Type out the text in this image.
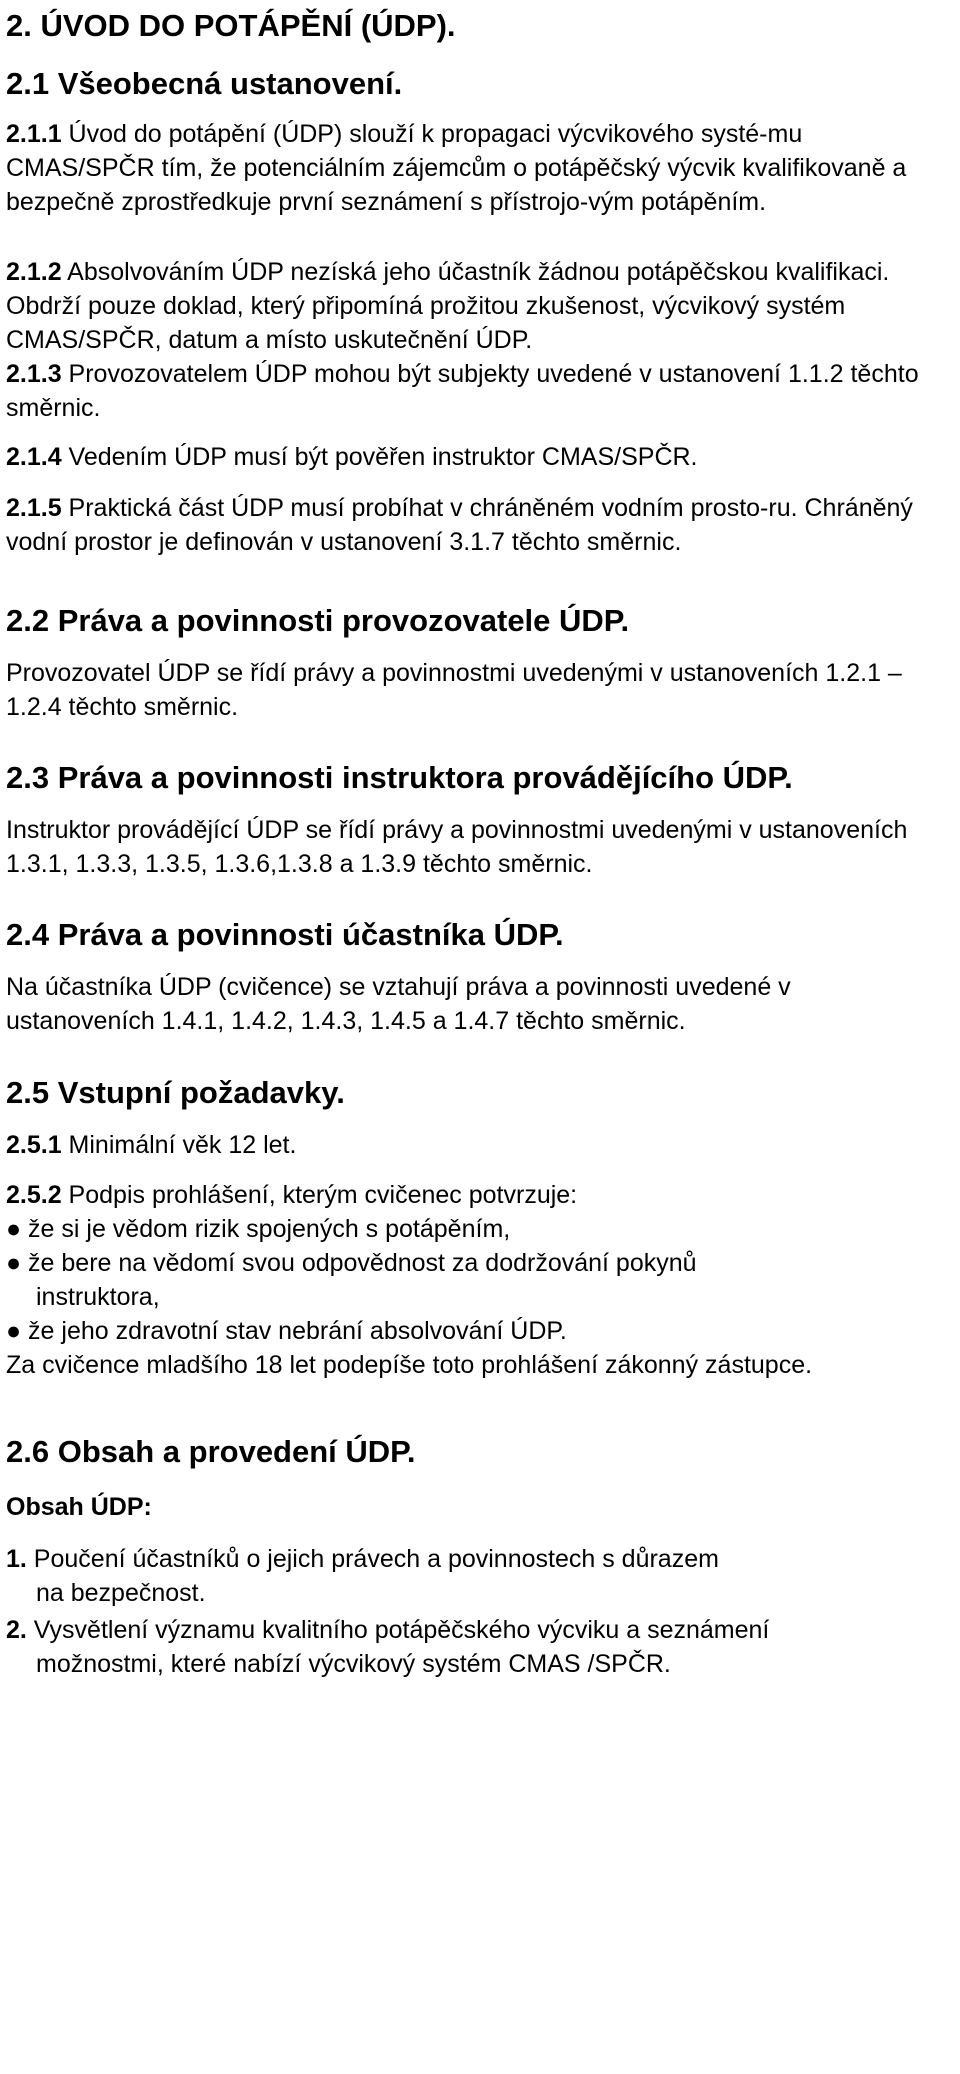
2. ÚVOD DO POTÁPĚNÍ (ÚDP).
2.1 Všeobecná ustanovení.
2.1.1 Úvod do potápění (ÚDP) slouží k propagaci výcvikového systé-mu CMAS/SPČR tím, že potenciálním zájemcům o potápěčský výcvik kvalifikovaně a bezpečně zprostředkuje první seznámení s přístrojo-vým potápěním.
2.1.2 Absolvováním ÚDP nezíská jeho účastník žádnou potápěčskou kvalifikaci. Obdrží pouze doklad, který připomíná prožitou zkušenost, výcvikový systém CMAS/SPČR, datum a místo uskutečnění ÚDP.
2.1.3 Provozovatelem ÚDP mohou být subjekty uvedené v ustanovení 1.1.2 těchto směrnic.
2.1.4 Vedením ÚDP musí být pověřen instruktor CMAS/SPČR.
2.1.5 Praktická část ÚDP musí probíhat v chráněném vodním prosto-ru. Chráněný vodní prostor je definován v ustanovení 3.1.7 těchto směrnic.
2.2 Práva a povinnosti provozovatele ÚDP.
Provozovatel ÚDP se řídí právy a povinnostmi uvedenými v ustanoveních 1.2.1 – 1.2.4 těchto směrnic.
2.3 Práva a povinnosti instruktora provádějícího ÚDP.
Instruktor provádějící ÚDP se řídí právy a povinnostmi uvedenými v ustanoveních 1.3.1, 1.3.3, 1.3.5, 1.3.6,1.3.8 a 1.3.9 těchto směrnic.
2.4 Práva a povinnosti účastníka ÚDP.
Na účastníka ÚDP (cvičence) se vztahují práva a povinnosti uvedené v ustanoveních 1.4.1, 1.4.2, 1.4.3, 1.4.5 a 1.4.7 těchto směrnic.
2.5 Vstupní požadavky.
2.5.1 Minimální věk 12 let.
2.5.2 Podpis prohlášení, kterým cvičenec potvrzuje:
● že si je vědom rizik spojených s potápěním,
● že bere na vědomí svou odpovědnost za dodržování pokynů
instruktora,
● že jeho zdravotní stav nebrání absolvování ÚDP.
Za cvičence mladšího 18 let podepíše toto prohlášení zákonný zástupce.
2.6 Obsah a provedení ÚDP.
Obsah ÚDP:
1. Poučení účastníků o jejich právech a povinnostech s důrazem
na bezpečnost.
2. Vysvětlení významu kvalitního potápěčského výcviku a seznámení
možnostmi, které nabízí výcvikový systém CMAS /SPČR.
